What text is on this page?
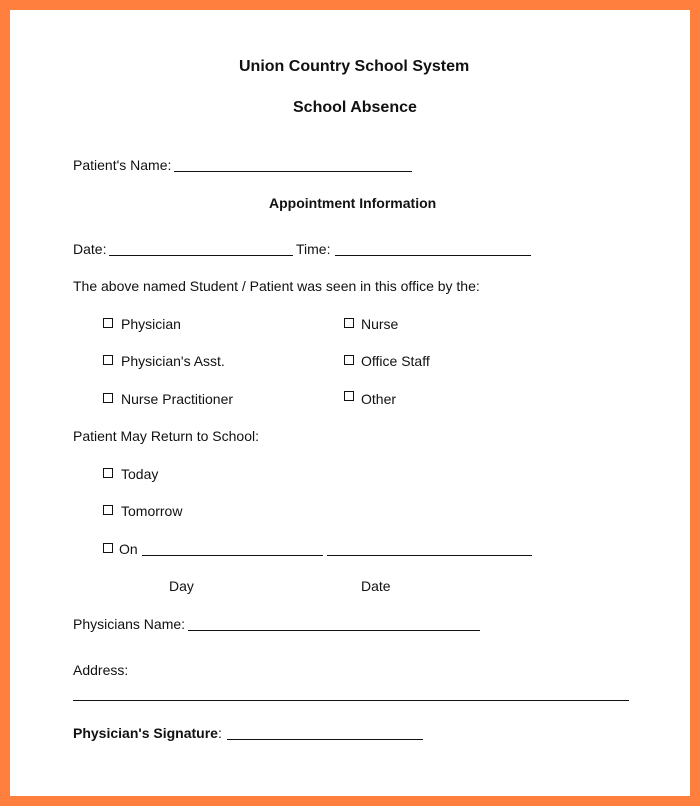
Union Country School System
School Absence
Patient's Name:
Appointment Information
Date:	Time:
The above named Student / Patient was seen in this office by the:
Physician	Nurse
Physician's Asst.	Office Staff
Nurse Practitioner	Other
Patient May Return to School:
Today
Tomorrow
On
Day	Date
Physicians Name:
Address:
Physician's Signature:
